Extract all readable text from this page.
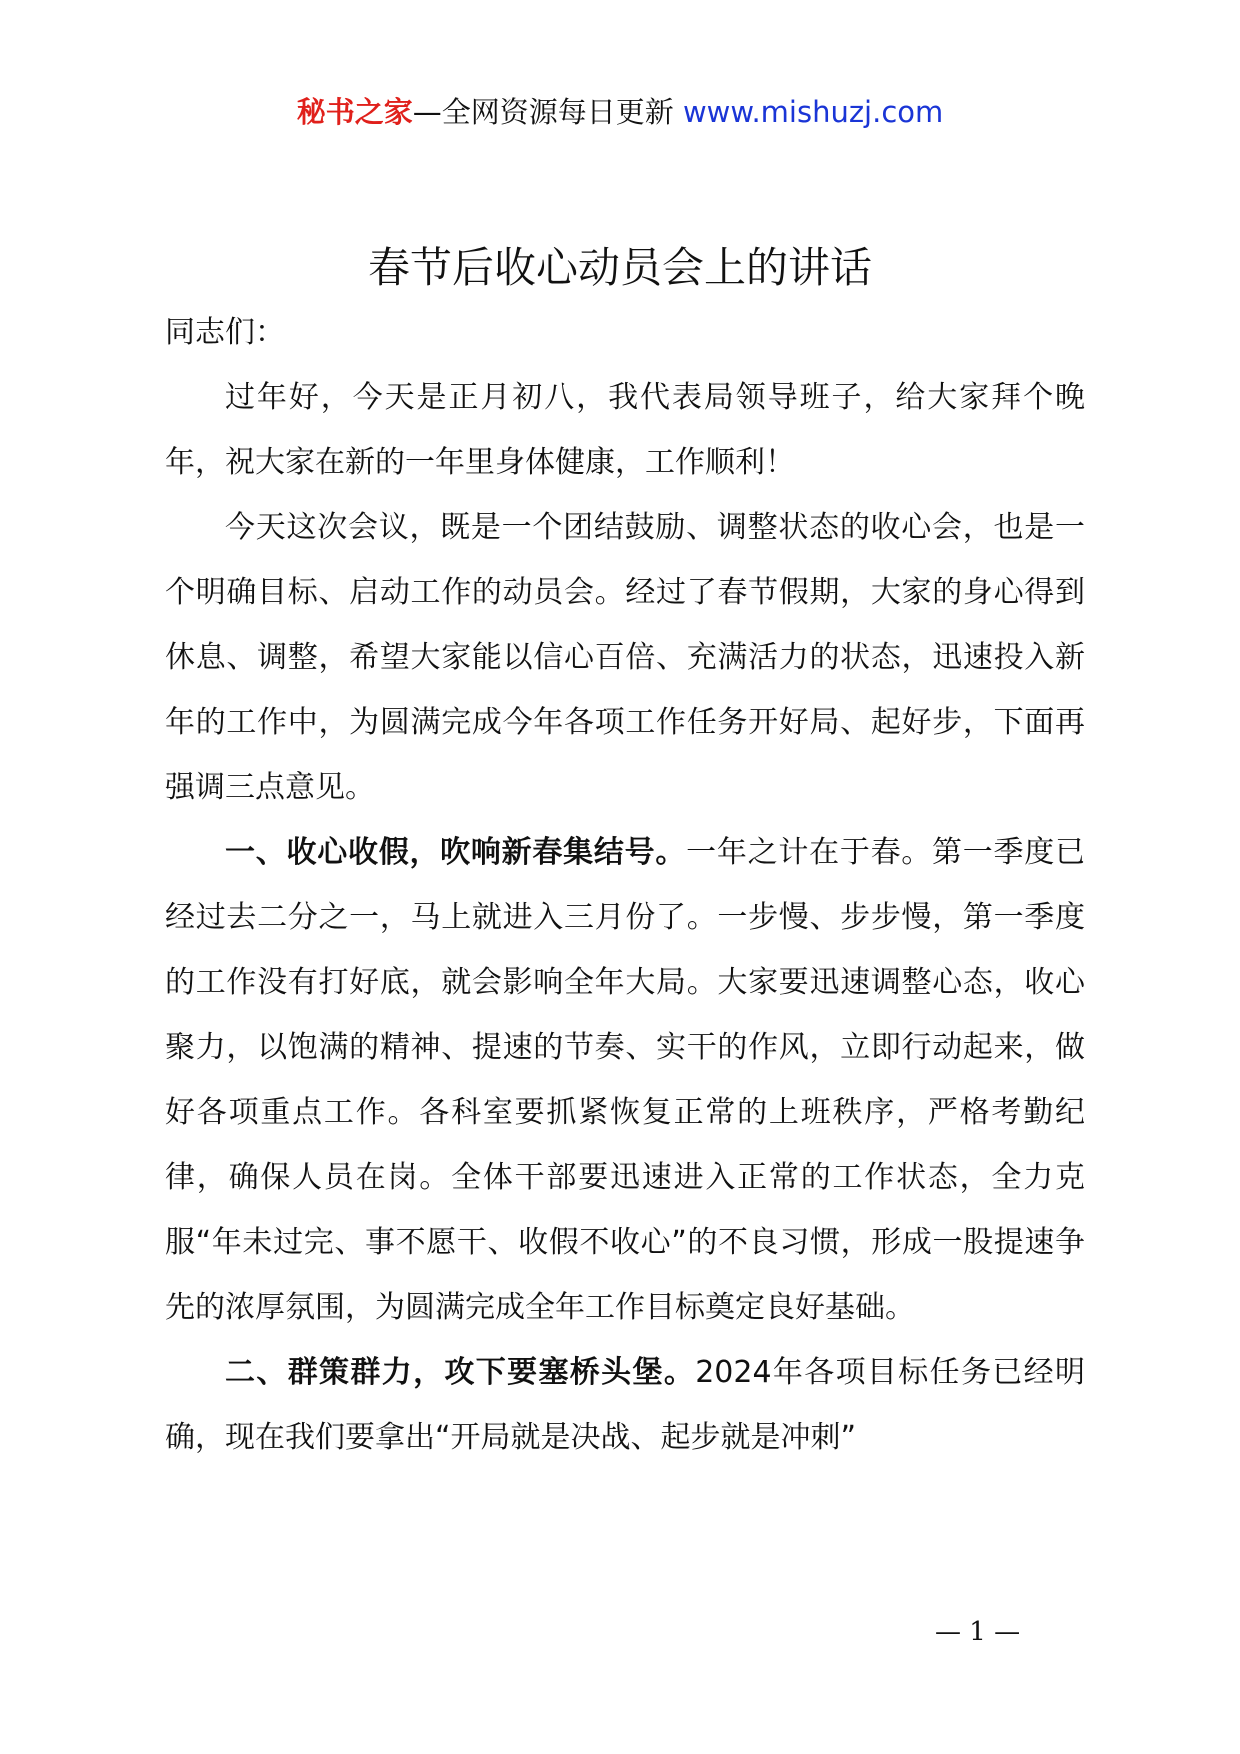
秘书之家—全网资源每日更新 www.mishuzj.com
春节后收心动员会上的讲话

同志们：

过年好，今天是正月初八，我代表局领导班子，给大家拜个晚年，祝大家在新的一年里身体健康，工作顺利！

今天这次会议，既是一个团结鼓励、调整状态的收心会，也是一个明确目标、启动工作的动员会。经过了春节假期，大家的身心得到休息、调整，希望大家能以信心百倍、充满活力的状态，迅速投入新年的工作中，为圆满完成今年各项工作任务开好局、起好步，下面再强调三点意见。

一、收心收假，吹响新春集结号。一年之计在于春。第一季度已经过去二分之一，马上就进入三月份了。一步慢、步步慢，第一季度的工作没有打好底，就会影响全年大局。大家要迅速调整心态，收心聚力，以饱满的精神、提速的节奏、实干的作风，立即行动起来，做好各项重点工作。各科室要抓紧恢复正常的上班秩序，严格考勤纪律，确保人员在岗。全体干部要迅速进入正常的工作状态，全力克服“年未过完、事不愿干、收假不收心”的不良习惯，形成一股提速争先的浓厚氛围，为圆满完成全年工作目标奠定良好基础。

二、群策群力，攻下要塞桥头堡。2024年各项目标任务已经明确，现在我们要拿出“开局就是决战、起步就是冲刺”

— 1 —
